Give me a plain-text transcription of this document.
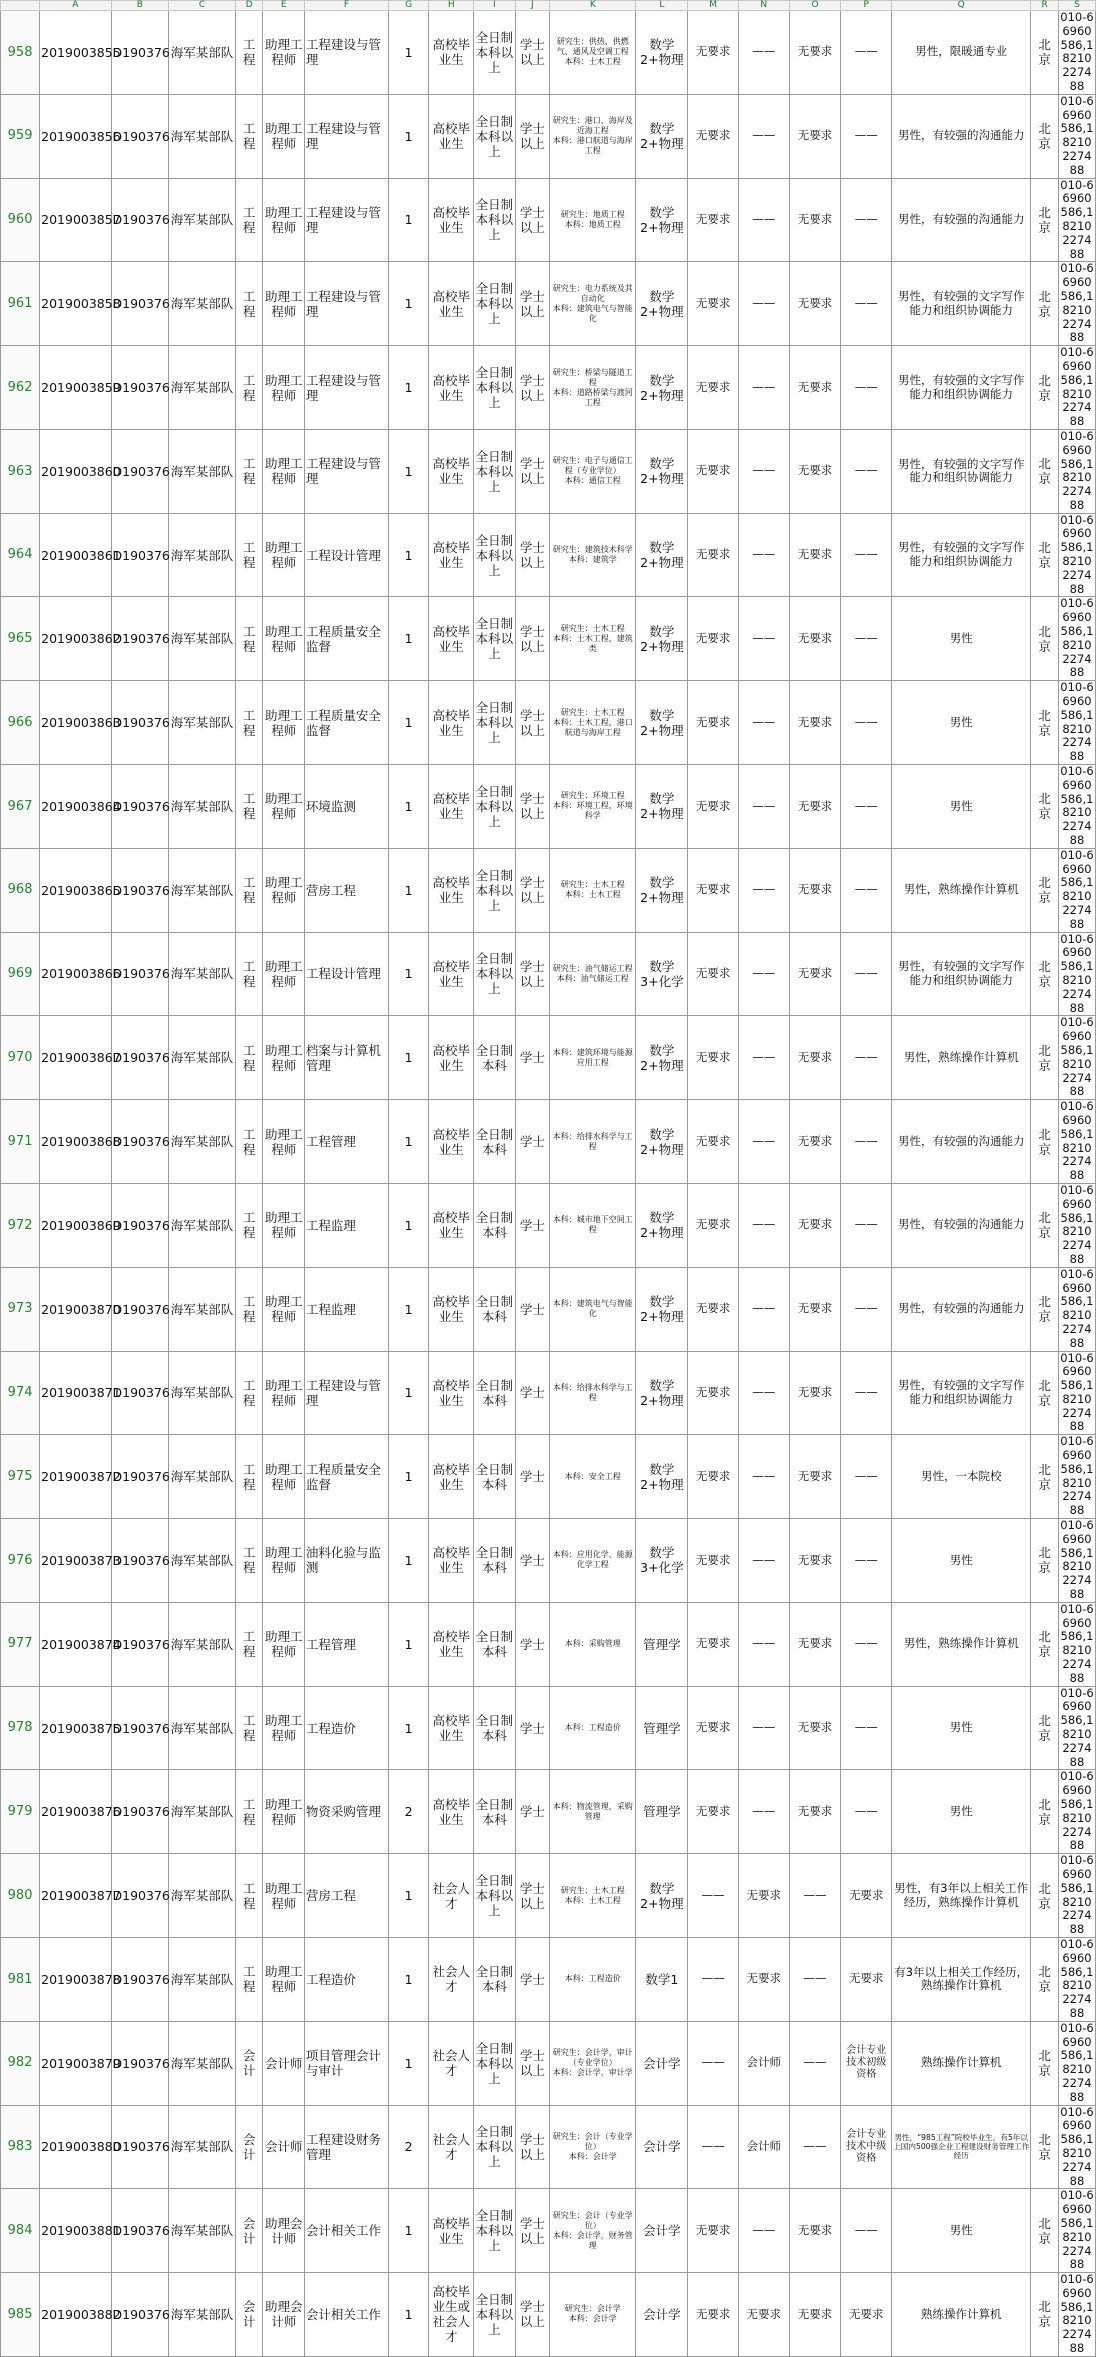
	A	B	C	D	E	F	G	H	I	J	K	L	M	N	O	P	Q	R	S
958	2019003855	D190376	海军某部队	工程	助理工程师	工程建设与管理	1	高校毕业生	全日制本科以上	学士以上	研究生：供热、供燃气、通风及空调工程
本科：土木工程	数学2+物理	无要求	——	无要求	——	男性，限暖通专业	北京	010-66960586,18210227488
959	2019003856	D190376	海军某部队	工程	助理工程师	工程建设与管理	1	高校毕业生	全日制本科以上	学士以上	研究生：港口、海岸及近海工程
本科：港口航道与海岸工程	数学2+物理	无要求	——	无要求	——	男性，有较强的沟通能力	北京	010-66960586,18210227488
960	2019003857	D190376	海军某部队	工程	助理工程师	工程建设与管理	1	高校毕业生	全日制本科以上	学士以上	研究生：地质工程
本科：地质工程	数学2+物理	无要求	——	无要求	——	男性，有较强的沟通能力	北京	010-66960586,18210227488
961	2019003858	D190376	海军某部队	工程	助理工程师	工程建设与管理	1	高校毕业生	全日制本科以上	学士以上	研究生：电力系统及其自动化
本科：建筑电气与智能化	数学2+物理	无要求	——	无要求	——	男性，有较强的文字写作能力和组织协调能力	北京	010-66960586,18210227488
962	2019003859	D190376	海军某部队	工程	助理工程师	工程建设与管理	1	高校毕业生	全日制本科以上	学士以上	研究生：桥梁与隧道工程
本科：道路桥梁与渡河工程	数学2+物理	无要求	——	无要求	——	男性，有较强的文字写作能力和组织协调能力	北京	010-66960586,18210227488
963	2019003860	D190376	海军某部队	工程	助理工程师	工程建设与管理	1	高校毕业生	全日制本科以上	学士以上	研究生：电子与通信工程（专业学位）
本科：通信工程	数学2+物理	无要求	——	无要求	——	男性，有较强的文字写作能力和组织协调能力	北京	010-66960586,18210227488
964	2019003861	D190376	海军某部队	工程	助理工程师	工程设计管理	1	高校毕业生	全日制本科以上	学士以上	研究生：建筑技术科学
本科：建筑学	数学2+物理	无要求	——	无要求	——	男性，有较强的文字写作能力和组织协调能力	北京	010-66960586,18210227488
965	2019003862	D190376	海军某部队	工程	助理工程师	工程质量安全监督	1	高校毕业生	全日制本科以上	学士以上	研究生：土木工程
本科：土木工程，建筑类	数学2+物理	无要求	——	无要求	——	男性	北京	010-66960586,18210227488
966	2019003863	D190376	海军某部队	工程	助理工程师	工程质量安全监督	1	高校毕业生	全日制本科以上	学士以上	研究生：土木工程
本科：土木工程，港口航道与海岸工程	数学2+物理	无要求	——	无要求	——	男性	北京	010-66960586,18210227488
967	2019003864	D190376	海军某部队	工程	助理工程师	环境监测	1	高校毕业生	全日制本科以上	学士以上	研究生：环境工程
本科：环境工程，环境科学	数学2+物理	无要求	——	无要求	——	男性	北京	010-66960586,18210227488
968	2019003865	D190376	海军某部队	工程	助理工程师	营房工程	1	高校毕业生	全日制本科以上	学士以上	研究生：土木工程
本科：土木工程	数学2+物理	无要求	——	无要求	——	男性，熟练操作计算机	北京	010-66960586,18210227488
969	2019003866	D190376	海军某部队	工程	助理工程师	工程设计管理	1	高校毕业生	全日制本科以上	学士以上	研究生：油气储运工程
本科：油气储运工程	数学3+化学	无要求	——	无要求	——	男性，有较强的文字写作能力和组织协调能力	北京	010-66960586,18210227488
970	2019003867	D190376	海军某部队	工程	助理工程师	档案与计算机管理	1	高校毕业生	全日制本科	学士	本科：建筑环境与能源应用工程	数学2+物理	无要求	——	无要求	——	男性，熟练操作计算机	北京	010-66960586,18210227488
971	2019003868	D190376	海军某部队	工程	助理工程师	工程管理	1	高校毕业生	全日制本科	学士	本科：给排水科学与工程	数学2+物理	无要求	——	无要求	——	男性，有较强的沟通能力	北京	010-66960586,18210227488
972	2019003869	D190376	海军某部队	工程	助理工程师	工程监理	1	高校毕业生	全日制本科	学士	本科：城市地下空间工程	数学2+物理	无要求	——	无要求	——	男性，有较强的沟通能力	北京	010-66960586,18210227488
973	2019003870	D190376	海军某部队	工程	助理工程师	工程监理	1	高校毕业生	全日制本科	学士	本科：建筑电气与智能化	数学2+物理	无要求	——	无要求	——	男性，有较强的沟通能力	北京	010-66960586,18210227488
974	2019003871	D190376	海军某部队	工程	助理工程师	工程建设与管理	1	高校毕业生	全日制本科	学士	本科：给排水科学与工程	数学2+物理	无要求	——	无要求	——	男性，有较强的文字写作能力和组织协调能力	北京	010-66960586,18210227488
975	2019003872	D190376	海军某部队	工程	助理工程师	工程质量安全监督	1	高校毕业生	全日制本科	学士	本科：安全工程	数学2+物理	无要求	——	无要求	——	男性，一本院校	北京	010-66960586,18210227488
976	2019003873	D190376	海军某部队	工程	助理工程师	油料化验与监测	1	高校毕业生	全日制本科	学士	本科：应用化学，能源化学工程	数学3+化学	无要求	——	无要求	——	男性	北京	010-66960586,18210227488
977	2019003874	D190376	海军某部队	工程	助理工程师	工程管理	1	高校毕业生	全日制本科	学士	本科：采购管理	管理学	无要求	——	无要求	——	男性，熟练操作计算机	北京	010-66960586,18210227488
978	2019003875	D190376	海军某部队	工程	助理工程师	工程造价	1	高校毕业生	全日制本科	学士	本科：工程造价	管理学	无要求	——	无要求	——	男性	北京	010-66960586,18210227488
979	2019003876	D190376	海军某部队	工程	助理工程师	物资采购管理	2	高校毕业生	全日制本科	学士	本科：物流管理，采购管理	管理学	无要求	——	无要求	——	男性	北京	010-66960586,18210227488
980	2019003877	D190376	海军某部队	工程	助理工程师	营房工程	1	社会人才	全日制本科以上	学士以上	研究生：土木工程
本科：土木工程	数学2+物理	——	无要求	——	无要求	男性，有3年以上相关工作经历，熟练操作计算机	北京	010-66960586,18210227488
981	2019003878	D190376	海军某部队	工程	助理工程师	工程造价	1	社会人才	全日制本科	学士	本科：工程造价	数学1	——	无要求	——	无要求	有3年以上相关工作经历，熟练操作计算机	北京	010-66960586,18210227488
982	2019003879	D190376	海军某部队	会计	会计师	项目管理会计与审计	1	社会人才	全日制本科以上	学士以上	研究生：会计学，审计（专业学位）
本科：会计学，审计学	会计学	——	会计师	——	会计专业技术初级资格	熟练操作计算机	北京	010-66960586,18210227488
983	2019003880	D190376	海军某部队	会计	会计师	工程建设财务管理	2	社会人才	全日制本科以上	学士以上	研究生：会计（专业学位）
本科：会计学	会计学	——	会计师	——	会计专业技术中级资格	男性，“985工程”院校毕业生，有5年以上国内500强企业工程建设财务管理工作经历	北京	010-66960586,18210227488
984	2019003881	D190376	海军某部队	会计	助理会计师	会计相关工作	1	高校毕业生	全日制本科以上	学士以上	研究生：会计（专业学位）
本科：会计学，财务管理	会计学	无要求	——	无要求	——	男性	北京	010-66960586,18210227488
985	2019003882	D190376	海军某部队	会计	助理会计师	会计相关工作	1	高校毕业生或社会人才	全日制本科以上	学士以上	研究生：会计学
本科：会计学	会计学	无要求	无要求	无要求	无要求	熟练操作计算机	北京	010-66960586,18210227488
